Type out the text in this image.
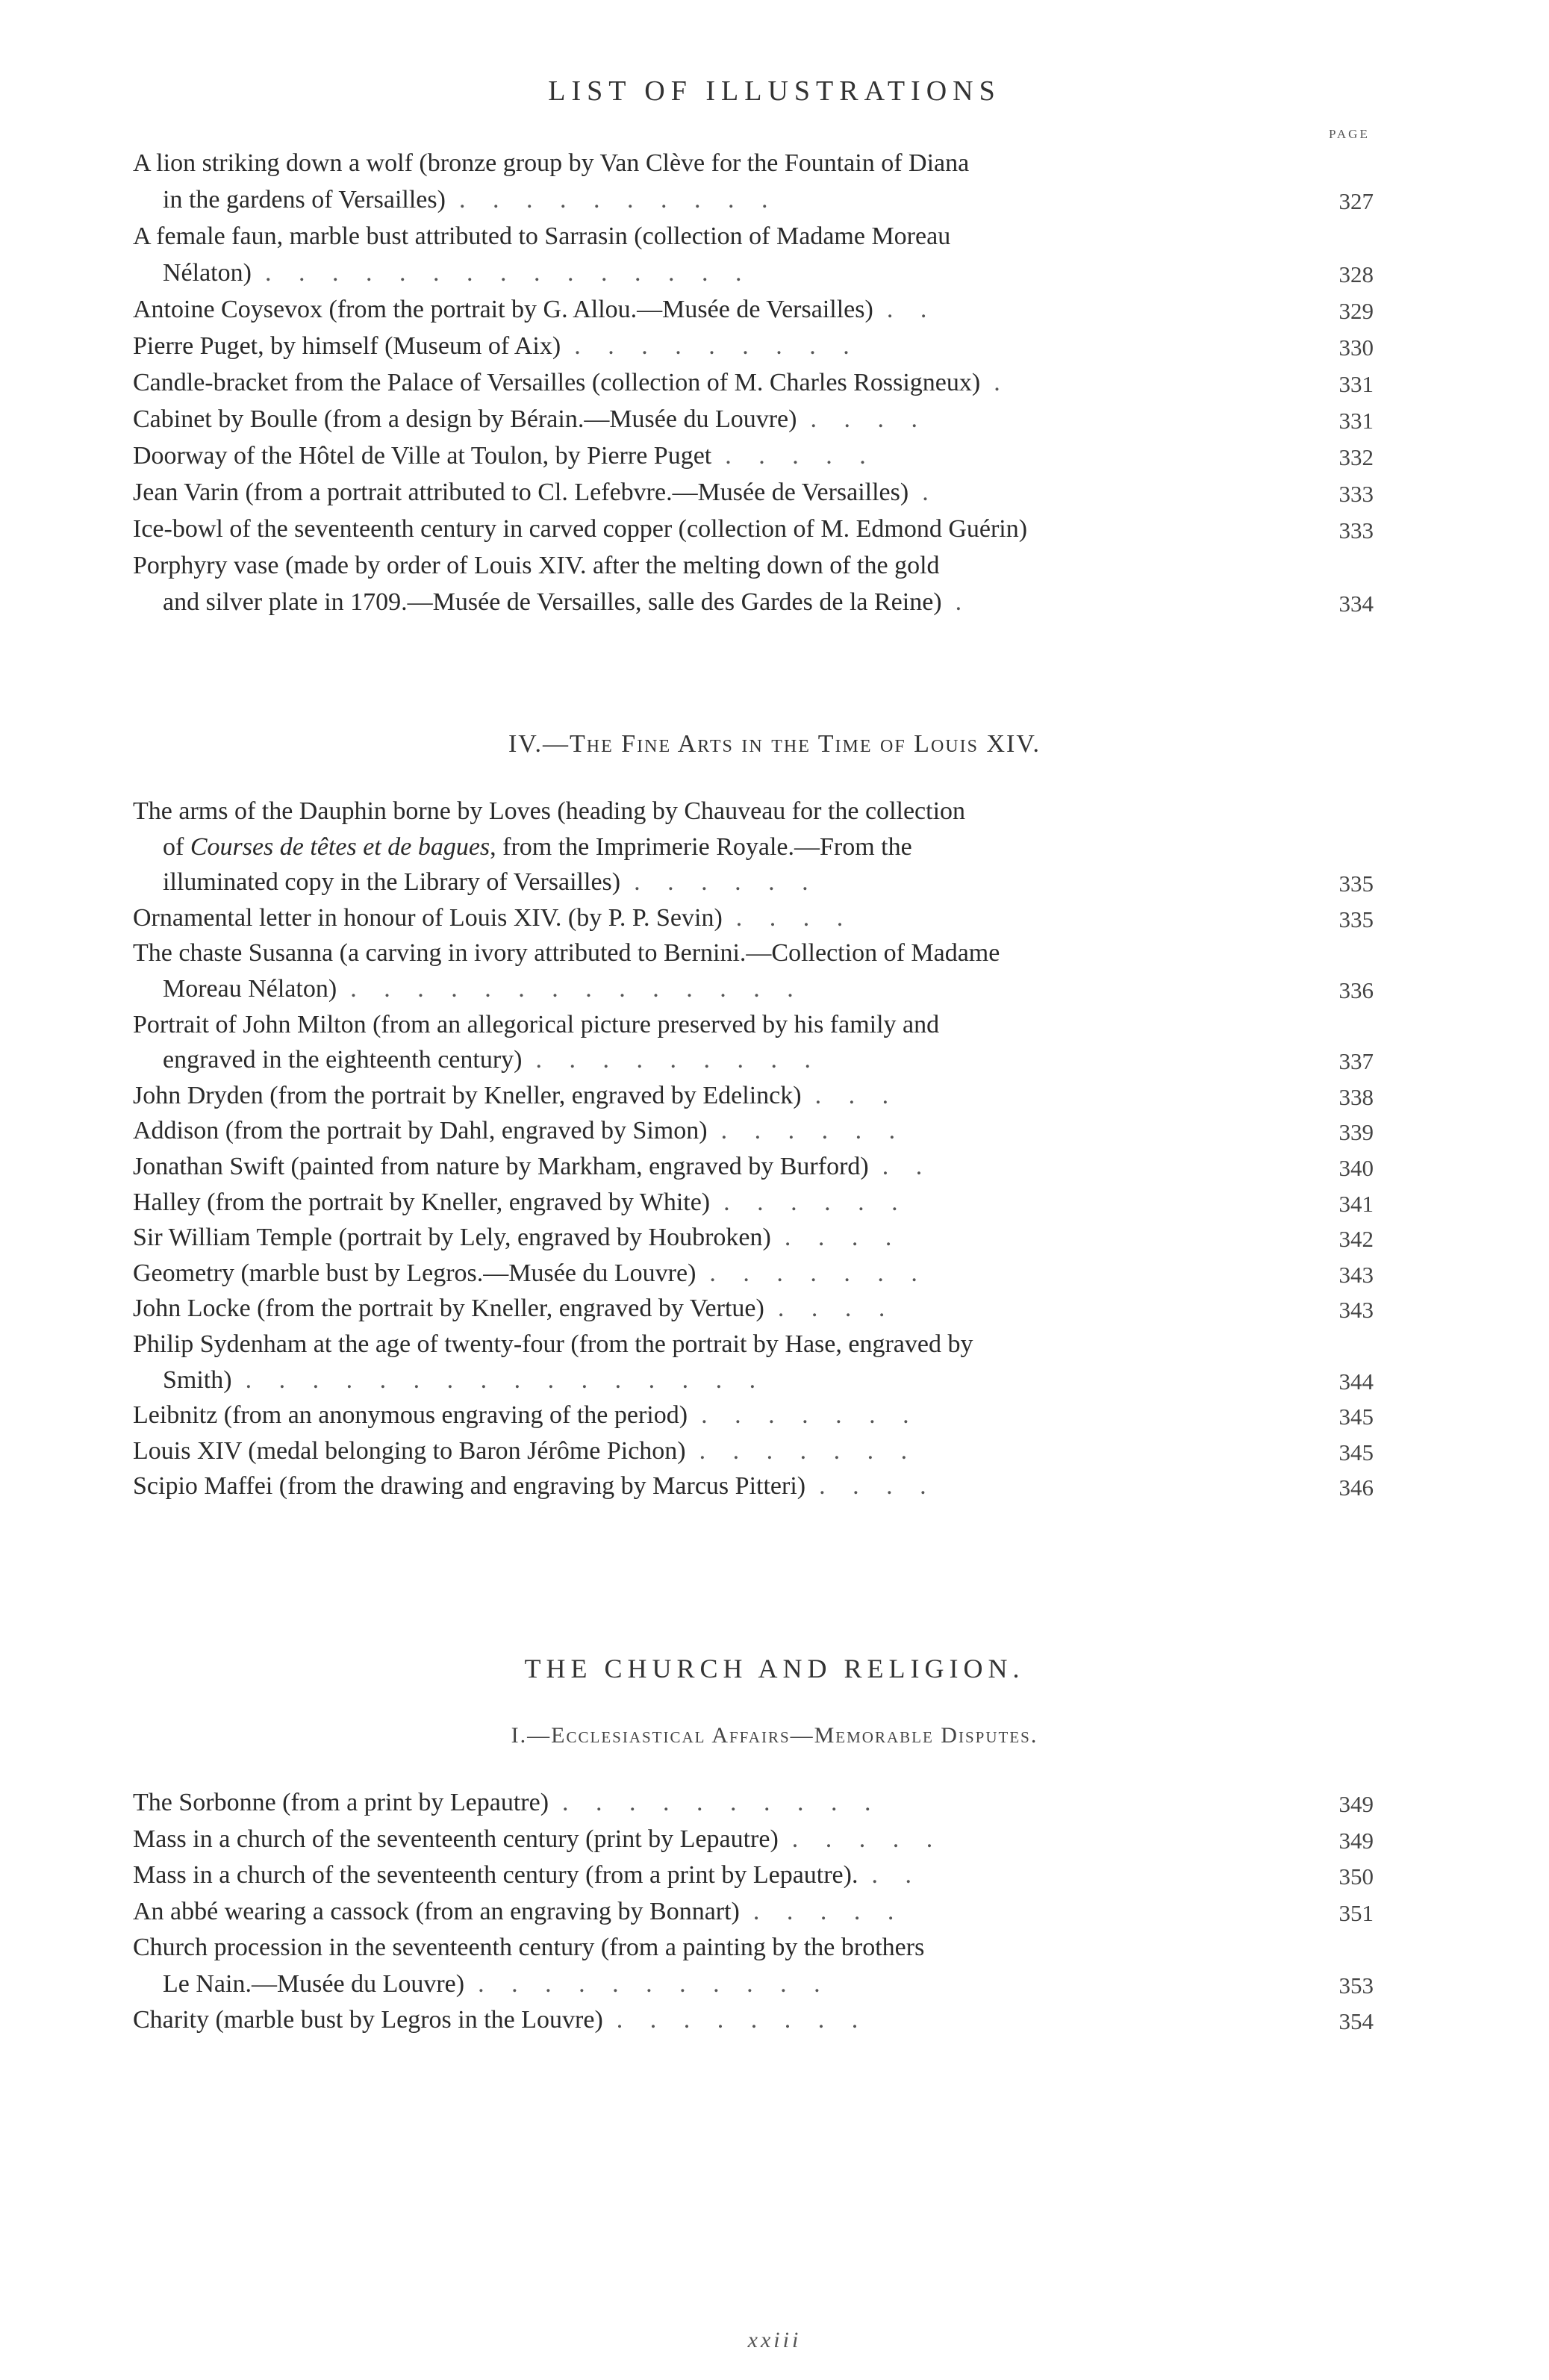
LIST OF ILLUSTRATIONS
PAGE
A lion striking down a wolf (bronze group by Van Clève for the Fountain of Diana
in the gardens of Versailles) . . . . . . . . . .	327
A female faun, marble bust attributed to Sarrasin (collection of Madame Moreau
Nélaton) . . . . . . . . . . . . . . .	328
Antoine Coysevox (from the portrait by G. Allou.—Musée de Versailles) . .	329
Pierre Puget, by himself (Museum of Aix) . . . . . . . . .	330
Candle-bracket from the Palace of Versailles (collection of M. Charles Rossigneux) .	331
Cabinet by Boulle (from a design by Bérain.—Musée du Louvre) . . . .	331
Doorway of the Hôtel de Ville at Toulon, by Pierre Puget . . . . .	332
Jean Varin (from a portrait attributed to Cl. Lefebvre.—Musée de Versailles) .	333
Ice-bowl of the seventeenth century in carved copper (collection of M. Edmond Guérin)	333
Porphyry vase (made by order of Louis XIV. after the melting down of the gold
and silver plate in 1709.—Musée de Versailles, salle des Gardes de la Reine) .	334
IV.—The Fine Arts in the Time of Louis XIV.
The arms of the Dauphin borne by Loves (heading by Chauveau for the collection
of Courses de têtes et de bagues, from the Imprimerie Royale.—From the
illuminated copy in the Library of Versailles) . . . . . .	335
Ornamental letter in honour of Louis XIV. (by P. P. Sevin) . . . .	335
The chaste Susanna (a carving in ivory attributed to Bernini.—Collection of Madame
Moreau Nélaton) . . . . . . . . . . . . . .	336
Portrait of John Milton (from an allegorical picture preserved by his family and
engraved in the eighteenth century) . . . . . . . . .	337
John Dryden (from the portrait by Kneller, engraved by Edelinck) . . .	338
Addison (from the portrait by Dahl, engraved by Simon) . . . . . .	339
Jonathan Swift (painted from nature by Markham, engraved by Burford) . .	340
Halley (from the portrait by Kneller, engraved by White) . . . . . .	341
Sir William Temple (portrait by Lely, engraved by Houbroken) . . . .	342
Geometry (marble bust by Legros.—Musée du Louvre) . . . . . . .	343
John Locke (from the portrait by Kneller, engraved by Vertue) . . . .	343
Philip Sydenham at the age of twenty-four (from the portrait by Hase, engraved by
Smith) . . . . . . . . . . . . . . . .	344
Leibnitz (from an anonymous engraving of the period) . . . . . . .	345
Louis XIV (medal belonging to Baron Jérôme Pichon) . . . . . . .	345
Scipio Maffei (from the drawing and engraving by Marcus Pitteri) . . . .	346
THE CHURCH AND RELIGION.
I.—Ecclesiastical Affairs—Memorable Disputes.
The Sorbonne (from a print by Lepautre) . . . . . . . . . .	349
Mass in a church of the seventeenth century (print by Lepautre) . . . . .	349
Mass in a church of the seventeenth century (from a print by Lepautre). . .	350
An abbé wearing a cassock (from an engraving by Bonnart) . . . . .	351
Church procession in the seventeenth century (from a painting by the brothers
Le Nain.—Musée du Louvre) . . . . . . . . . . .	353
Charity (marble bust by Legros in the Louvre) . . . . . . . .	354
xxiii
